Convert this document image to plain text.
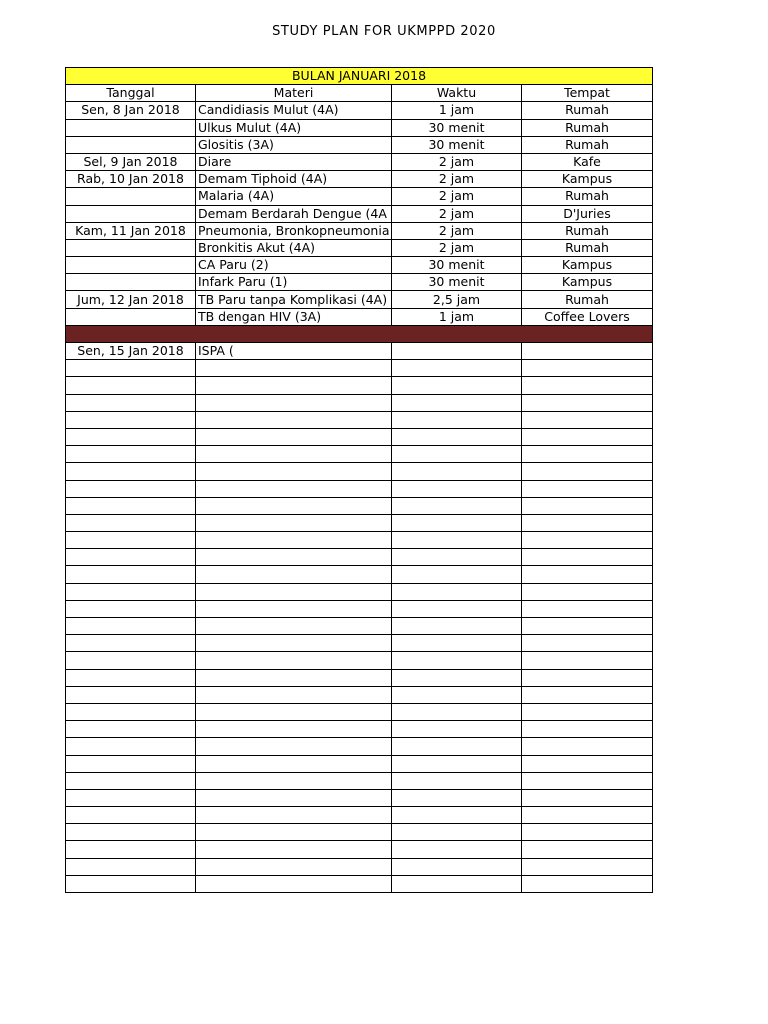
STUDY PLAN FOR UKMPPD 2020
BULAN JANUARI 2018			
Tanggal	Materi	Waktu	Tempat
Sen, 8 Jan 2018	Candidiasis Mulut (4A)	1 jam	Rumah
	Ulkus Mulut (4A)	30 menit	Rumah
	Glositis (3A)	30 menit	Rumah
Sel, 9 Jan 2018	Diare	2 jam	Kafe
Rab, 10 Jan 2018	Demam Tiphoid (4A)	2 jam	Kampus
	Malaria (4A)	2 jam	Rumah
	Demam Berdarah Dengue (4A	2 jam	D'Juries
Kam, 11 Jan 2018	Pneumonia, Bronkopneumonia	2 jam	Rumah
	Bronkitis Akut (4A)	2 jam	Rumah
	CA Paru (2)	30 menit	Kampus
	Infark Paru (1)	30 menit	Kampus
Jum, 12 Jan 2018	TB Paru tanpa Komplikasi (4A)	2,5 jam	Rumah
	TB dengan HIV (3A)	1 jam	Coffee Lovers

Sen, 15 Jan 2018	ISPA (		
